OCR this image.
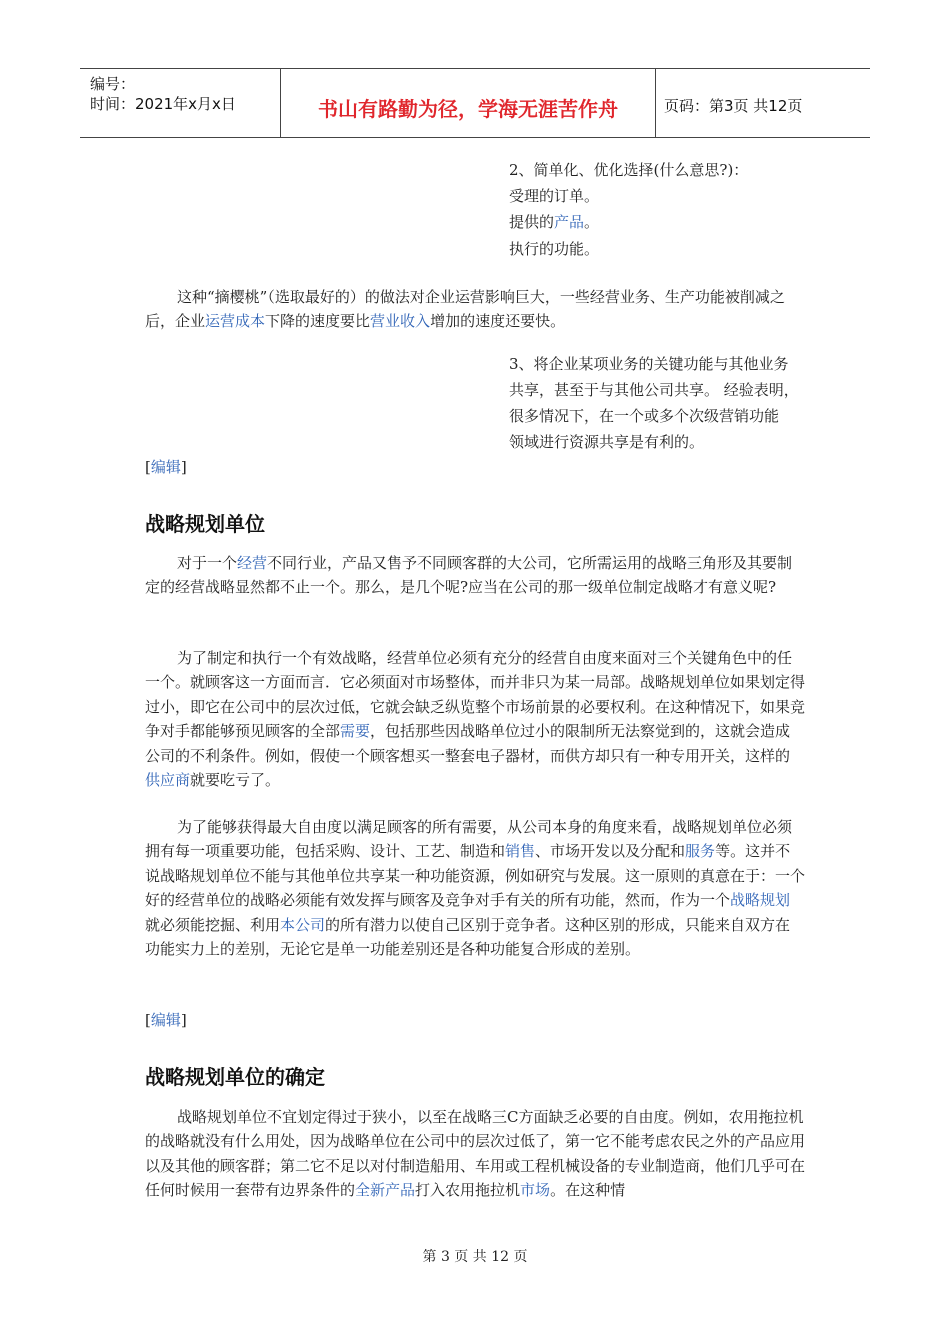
编号：
时间：2021年x月x日	书山有路勤为径，学海无涯苦作舟	页码：第3页 共12页
2、简单化、优化选择(什么意思?)：
受理的订单。
提供的产品。
执行的功能。

这种“摘樱桃”（选取最好的）的做法对企业运营影响巨大，一些经营业务、生产功能被削减之后，企业运营成本下降的速度要比营业收入增加的速度还要快。

3、将企业某项业务的关键功能与其他业务
共享，甚至于与其他公司共享。 经验表明，
很多情况下，在一个或多个次级营销功能
领域进行资源共享是有利的。
[编辑]
战略规划单位

对于一个经营不同行业，产品又售予不同顾客群的大公司，它所需运用的战略三角形及其要制定的经营战略显然都不止一个。那么，是几个呢?应当在公司的那一级单位制定战略才有意义呢?

为了制定和执行一个有效战略，经营单位必须有充分的经营自由度来面对三个关键角色中的任一个。就顾客这一方面而言．它必须面对市场整体，而并非只为某一局部。战略规划单位如果划定得过小，即它在公司中的层次过低，它就会缺乏纵览整个市场前景的必要权利。在这种情况下，如果竞争对手都能够预见顾客的全部需要，包括那些因战略单位过小的限制所无法察觉到的，这就会造成公司的不利条件。例如，假使一个顾客想买一整套电子器材，而供方却只有一种专用开关，这样的供应商就要吃亏了。

为了能够获得最大自由度以满足顾客的所有需要，从公司本身的角度来看，战略规划单位必须拥有每一项重要功能，包括采购、设计、工艺、制造和销售、市场开发以及分配和服务等。这并不说战略规划单位不能与其他单位共享某一种功能资源，例如研究与发展。这一原则的真意在于：一个好的经营单位的战略必须能有效发挥与顾客及竞争对手有关的所有功能，然而，作为一个战略规划就必须能挖掘、利用本公司的所有潜力以使自己区别于竞争者。这种区别的形成，只能来自双方在功能实力上的差别，无论它是单一功能差别还是各种功能复合形成的差别。

[编辑]
战略规划单位的确定

战略规划单位不宜划定得过于狭小，以至在战略三C方面缺乏必要的自由度。例如，农用拖拉机的战略就没有什么用处，因为战略单位在公司中的层次过低了，第一它不能考虑农民之外的产品应用以及其他的顾客群；第二它不足以对付制造船用、车用或工程机械设备的专业制造商，他们几乎可在任何时候用一套带有边界条件的全新产品打入农用拖拉机市场。在这种情

第 3 页 共 12 页
